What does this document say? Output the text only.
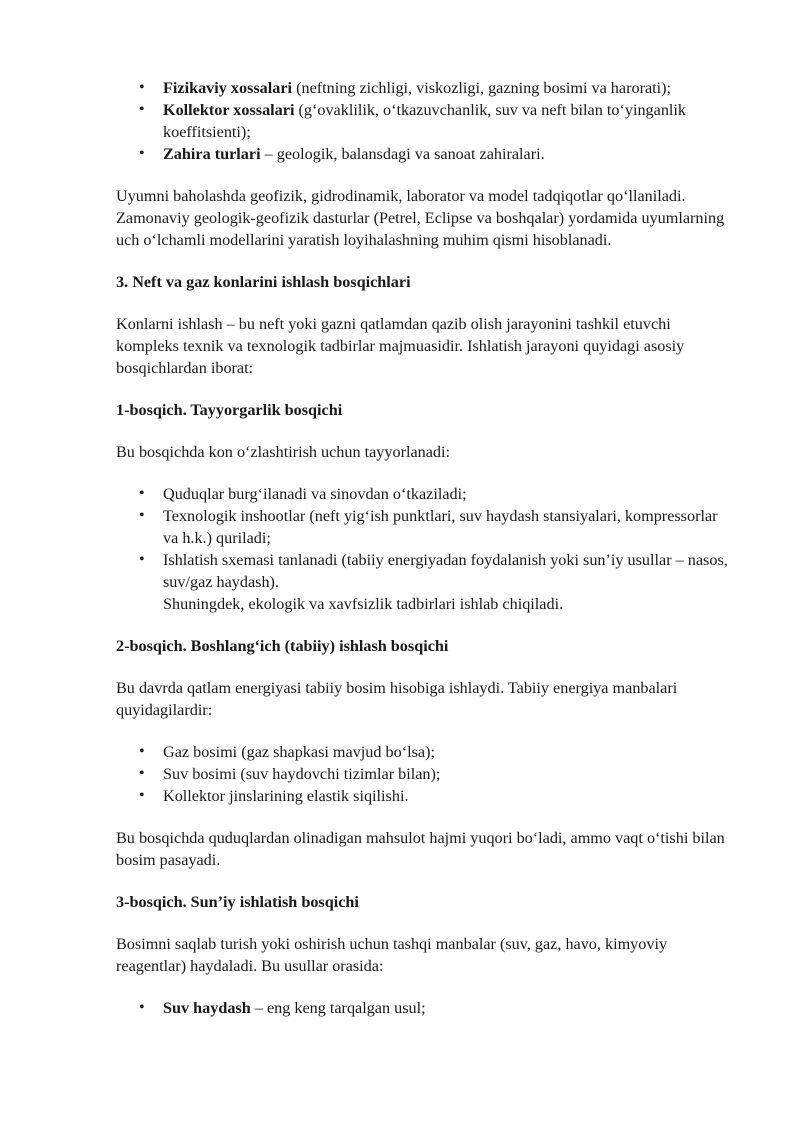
• Fizikaviy xossalari (neftning zichligi, viskozligi, gazning bosimi va harorati);
• Kollektor xossalari (g‘ovaklilik, o‘tkazuvchanlik, suv va neft bilan to‘yinganlik koeffitsienti);
• Zahira turlari – geologik, balansdagi va sanoat zahiralari.

Uyumni baholashda geofizik, gidrodinamik, laborator va model tadqiqotlar qo‘llaniladi. Zamonaviy geologik-geofizik dasturlar (Petrel, Eclipse va boshqalar) yordamida uyumlarning uch o‘lchamli modellarini yaratish loyihalashning muhim qismi hisoblanadi.

3. Neft va gaz konlarini ishlash bosqichlari

Konlarni ishlash – bu neft yoki gazni qatlamdan qazib olish jarayonini tashkil etuvchi kompleks texnik va texnologik tadbirlar majmuasidir. Ishlatish jarayoni quyidagi asosiy bosqichlardan iborat:

1-bosqich. Tayyorgarlik bosqichi

Bu bosqichda kon o‘zlashtirish uchun tayyorlanadi:

• Quduqlar burg‘ilanadi va sinovdan o‘tkaziladi;
• Texnologik inshootlar (neft yig‘ish punktlari, suv haydash stansiyalari, kompressorlar va h.k.) quriladi;
• Ishlatish sxemasi tanlanadi (tabiiy energiyadan foydalanish yoki sun’iy usullar – nasos, suv/gaz haydash).
Shuningdek, ekologik va xavfsizlik tadbirlari ishlab chiqiladi.
2-bosqich. Boshlang‘ich (tabiiy) ishlash bosqichi

Bu davrda qatlam energiyasi tabiiy bosim hisobiga ishlaydi. Tabiiy energiya manbalari quyidagilardir:

• Gaz bosimi (gaz shapkasi mavjud bo‘lsa);
• Suv bosimi (suv haydovchi tizimlar bilan);
• Kollektor jinslarining elastik siqilishi.

Bu bosqichda quduqlardan olinadigan mahsulot hajmi yuqori bo‘ladi, ammo vaqt o‘tishi bilan bosim pasayadi.

3-bosqich. Sun’iy ishlatish bosqichi

Bosimni saqlab turish yoki oshirish uchun tashqi manbalar (suv, gaz, havo, kimyoviy reagentlar) haydaladi. Bu usullar orasida:

• Suv haydash – eng keng tarqalgan usul;
